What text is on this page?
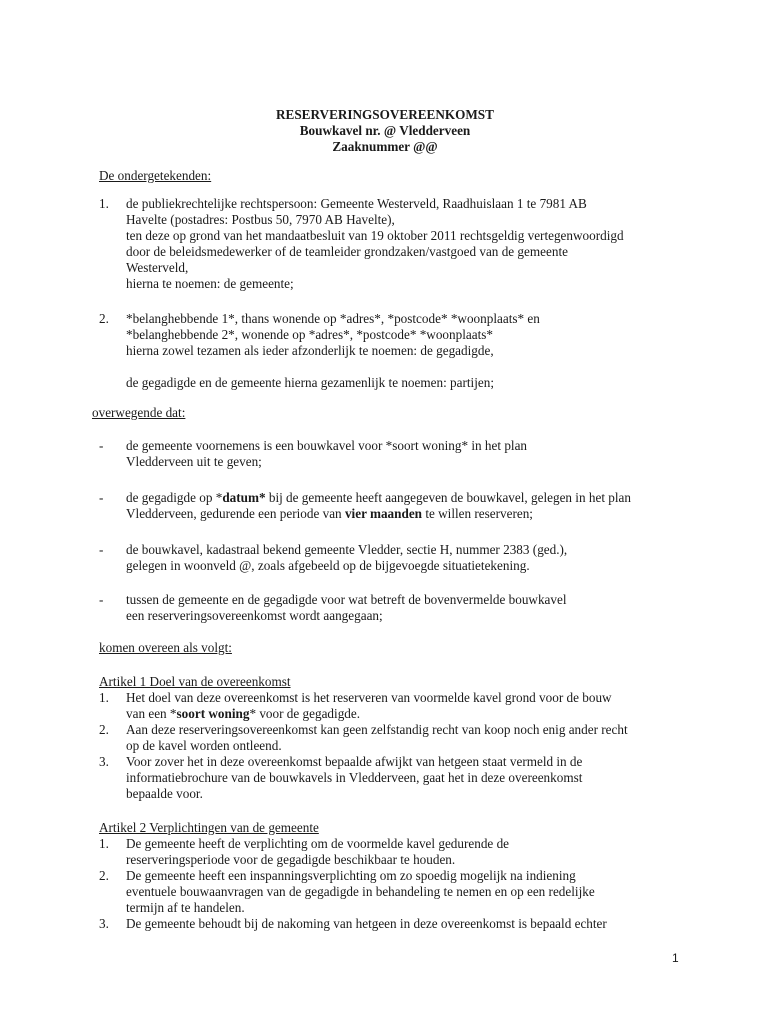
RESERVERINGSOVEREENKOMST
Bouwkavel nr. @ Vledderveen
Zaaknummer @@
De ondergetekenden:
1. de publiekrechtelijke rechtspersoon: Gemeente Westerveld, Raadhuislaan 1 te 7981 AB
Havelte (postadres: Postbus 50, 7970 AB Havelte),
ten deze op grond van het mandaatbesluit van 19 oktober 2011 rechtsgeldig vertegenwoordigd
door de beleidsmedewerker of de teamleider grondzaken/vastgoed van de gemeente
Westerveld,
hierna te noemen: de gemeente;
2. *belanghebbende 1*, thans wonende op *adres*, *postcode* *woonplaats* en
*belanghebbende 2*, wonende op *adres*, *postcode* *woonplaats*
hierna zowel tezamen als ieder afzonderlijk te noemen: de gegadigde,
de gegadigde en de gemeente hierna gezamenlijk te noemen: partijen;
overwegende dat:
- de gemeente voornemens is een bouwkavel voor *soort woning* in het plan
Vledderveen uit te geven;
- de gegadigde op *datum* bij de gemeente heeft aangegeven de bouwkavel, gelegen in het plan
Vledderveen, gedurende een periode van vier maanden te willen reserveren;
- de bouwkavel, kadastraal bekend gemeente Vledder, sectie H, nummer 2383 (ged.),
gelegen in woonveld @, zoals afgebeeld op de bijgevoegde situatietekening.
- tussen de gemeente en de gegadigde voor wat betreft de bovenvermelde bouwkavel
een reserveringsovereenkomst wordt aangegaan;
komen overeen als volgt:
Artikel 1 Doel van de overeenkomst
1. Het doel van deze overeenkomst is het reserveren van voormelde kavel grond voor de bouw
van een *soort woning* voor de gegadigde.
2. Aan deze reserveringsovereenkomst kan geen zelfstandig recht van koop noch enig ander recht
op de kavel worden ontleend.
3. Voor zover het in deze overeenkomst bepaalde afwijkt van hetgeen staat vermeld in de
informatiebrochure van de bouwkavels in Vledderveen, gaat het in deze overeenkomst
bepaalde voor.
Artikel 2 Verplichtingen van de gemeente
1. De gemeente heeft de verplichting om de voormelde kavel gedurende de
reserveringsperiode voor de gegadigde beschikbaar te houden.
2. De gemeente heeft een inspanningsverplichting om zo spoedig mogelijk na indiening
eventuele bouwaanvragen van de gegadigde in behandeling te nemen en op een redelijke
termijn af te handelen.
3. De gemeente behoudt bij de nakoming van hetgeen in deze overeenkomst is bepaald echter
1
